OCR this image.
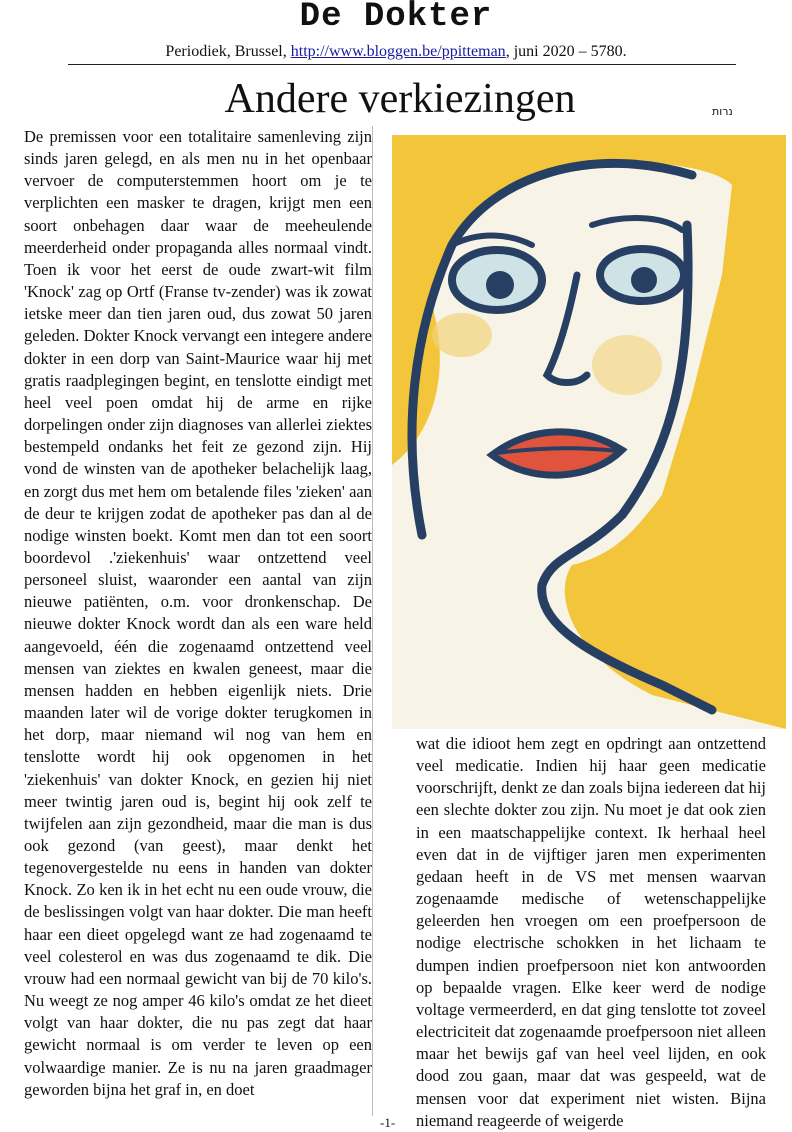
De Dokter
Periodiek, Brussel, http://www.bloggen.be/ppitteman, juni 2020 – 5780.
Andere verkiezingen	נרות

De premissen voor een totalitaire samenleving zijn sinds jaren gelegd, en als men nu in het openbaar vervoer de computerstemmen hoort om je te verplichten een masker te dragen, krijgt men een soort onbehagen daar waar de meeheulende meerderheid onder propaganda alles normaal vindt. Toen ik voor het eerst de oude zwart-wit film 'Knock' zag op Ortf (Franse tv-zender) was ik zowat ietske meer dan tien jaren oud, dus zowat 50 jaren geleden. Dokter Knock vervangt een integere andere dokter in een dorp van Saint-Maurice waar hij met gratis raadplegingen begint, en tenslotte eindigt met heel veel poen omdat hij de arme en rijke dorpelingen onder zijn diagnoses van allerlei ziektes bestempeld ondanks het feit ze gezond zijn. Hij vond de winsten van de apotheker belachelijk laag, en zorgt dus met hem om betalende files 'zieken' aan de deur te krijgen zodat de apotheker pas dan al de nodige winsten boekt. Komt men dan tot een soort boordevol .'ziekenhuis' waar ontzettend veel personeel sluist, waaronder een aantal van zijn nieuwe patiënten, o.m. voor dronkenschap. De nieuwe dokter Knock wordt dan als een ware held aangevoeld, één die zogenaamd ontzettend veel mensen van ziektes en kwalen geneest, maar die mensen hadden en hebben eigenlijk niets. Drie maanden later wil de vorige dokter terugkomen in het dorp, maar niemand wil nog van hem en tenslotte wordt hij ook opgenomen in het 'ziekenhuis' van dokter Knock, en gezien hij niet meer twintig jaren oud is, begint hij ook zelf te twijfelen aan zijn gezondheid, maar die man is dus ook gezond (van geest), maar denkt het tegenovergestelde nu eens in handen van dokter Knock. Zo ken ik in het echt nu een oude vrouw, die de beslissingen volgt van haar dokter. Die man heeft haar een dieet opgelegd want ze had zogenaamd te veel colesterol en was dus zogenaamd te dik. Die vrouw had een normaal gewicht van bij de 70 kilo's. Nu weegt ze nog amper 46 kilo's omdat ze het dieet volgt van haar dokter, die nu pas zegt dat haar gewicht normaal is om verder te leven op een volwaardige manier. Ze is nu na jaren graadmager geworden bijna het graf in, en doet

wat die idioot hem zegt en opdringt aan ontzettend veel medicatie. Indien hij haar geen medicatie voorschrijft, denkt ze dan zoals bijna iedereen dat hij een slechte dokter zou zijn. Nu moet je dat ook zien in een maatschappelijke context. Ik herhaal heel even dat in de vijftiger jaren men experimenten gedaan heeft in de VS met mensen waarvan zogenaamde medische of wetenschappelijke geleerden hen vroegen om een proefpersoon de nodige electrische schokken in het lichaam te dumpen indien proefpersoon niet kon antwoorden op bepaalde vragen. Elke keer werd de nodige voltage vermeerderd, en dat ging tenslotte tot zoveel electriciteit dat zogenaamde proefpersoon niet alleen maar het bewijs gaf van heel veel lijden, en ook dood zou gaan, maar dat was gespeeld, wat de mensen voor dat experiment niet wisten. Bijna niemand reageerde of weigerde

-1-
